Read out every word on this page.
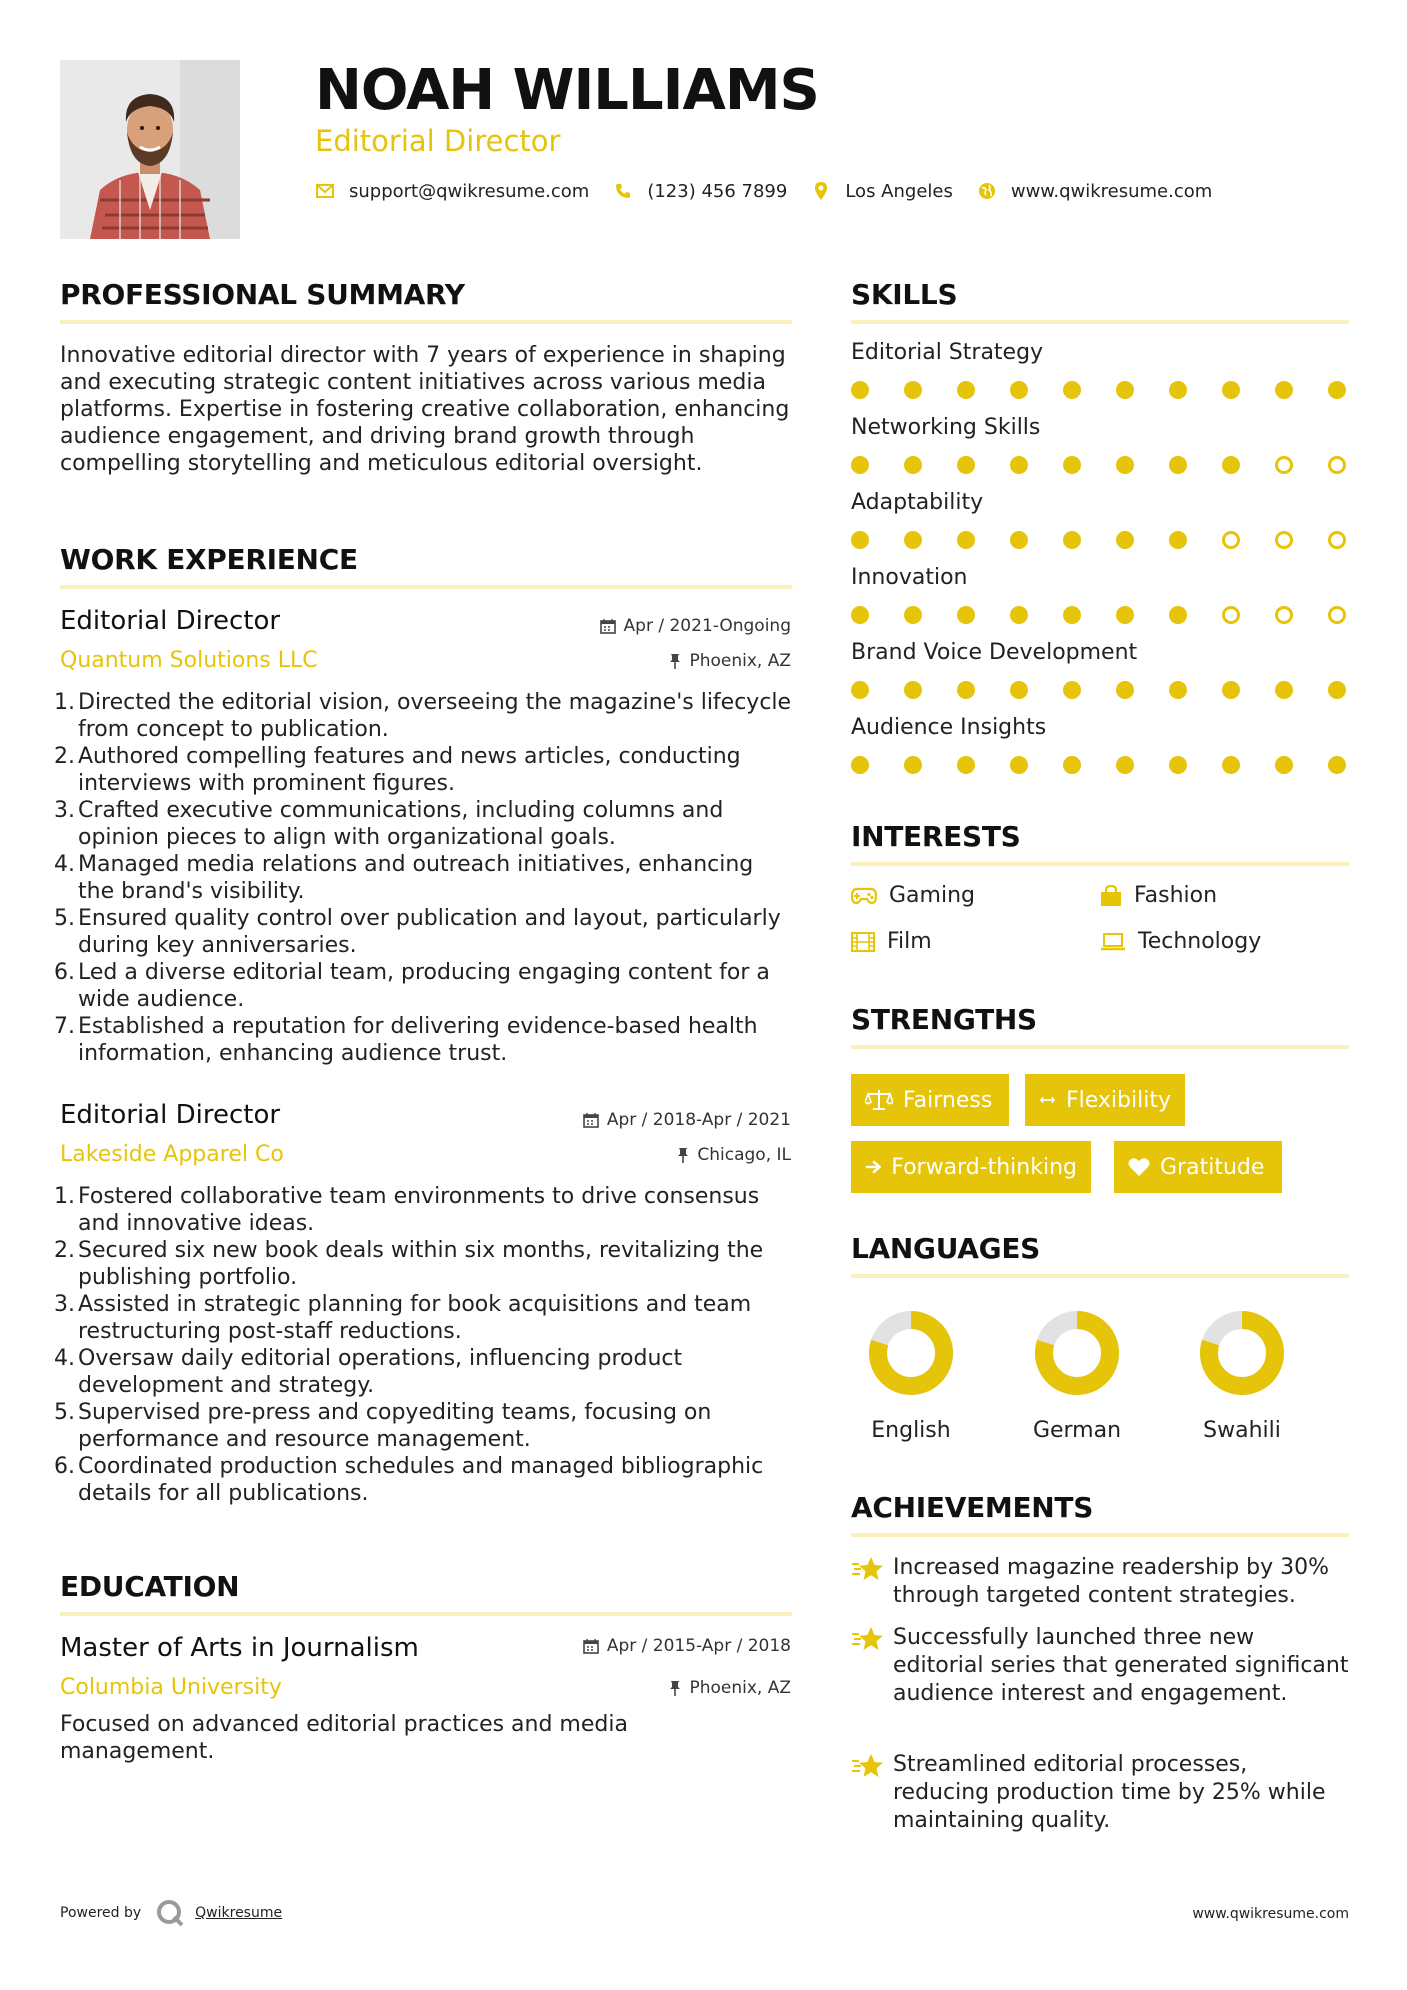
NOAH WILLIAMS
Editorial Director
support@qwikresume.com	(123) 456 7899	Los Angeles	www.qwikresume.com
PROFESSIONAL SUMMARY
Innovative editorial director with 7 years of experience in shaping and executing strategic content initiatives across various media platforms. Expertise in fostering creative collaboration, enhancing audience engagement, and driving brand growth through compelling storytelling and meticulous editorial oversight.
WORK EXPERIENCE
Editorial Director	Apr / 2021-Ongoing
Quantum Solutions LLC	Phoenix, AZ
1. Directed the editorial vision, overseeing the magazine's lifecycle from concept to publication.
2. Authored compelling features and news articles, conducting interviews with prominent figures.
3. Crafted executive communications, including columns and opinion pieces to align with organizational goals.
4. Managed media relations and outreach initiatives, enhancing the brand's visibility.
5. Ensured quality control over publication and layout, particularly during key anniversaries.
6. Led a diverse editorial team, producing engaging content for a wide audience.
7. Established a reputation for delivering evidence-based health information, enhancing audience trust.
Editorial Director	Apr / 2018-Apr / 2021
Lakeside Apparel Co	Chicago, IL
1. Fostered collaborative team environments to drive consensus and innovative ideas.
2. Secured six new book deals within six months, revitalizing the publishing portfolio.
3. Assisted in strategic planning for book acquisitions and team restructuring post-staff reductions.
4. Oversaw daily editorial operations, influencing product development and strategy.
5. Supervised pre-press and copyediting teams, focusing on performance and resource management.
6. Coordinated production schedules and managed bibliographic details for all publications.
EDUCATION
Master of Arts in Journalism	Apr / 2015-Apr / 2018
Columbia University	Phoenix, AZ
Focused on advanced editorial practices and media management.
SKILLS
Editorial Strategy
Networking Skills
Adaptability
Innovation
Brand Voice Development
Audience Insights
INTERESTS
Gaming	Fashion
Film	Technology
STRENGTHS
Fairness	Flexibility
Forward-thinking	Gratitude
LANGUAGES
English	German	Swahili
ACHIEVEMENTS
Increased magazine readership by 30% through targeted content strategies.
Successfully launched three new editorial series that generated significant audience interest and engagement.
Streamlined editorial processes, reducing production time by 25% while maintaining quality.
Powered by	Qwikresume	www.qwikresume.com
